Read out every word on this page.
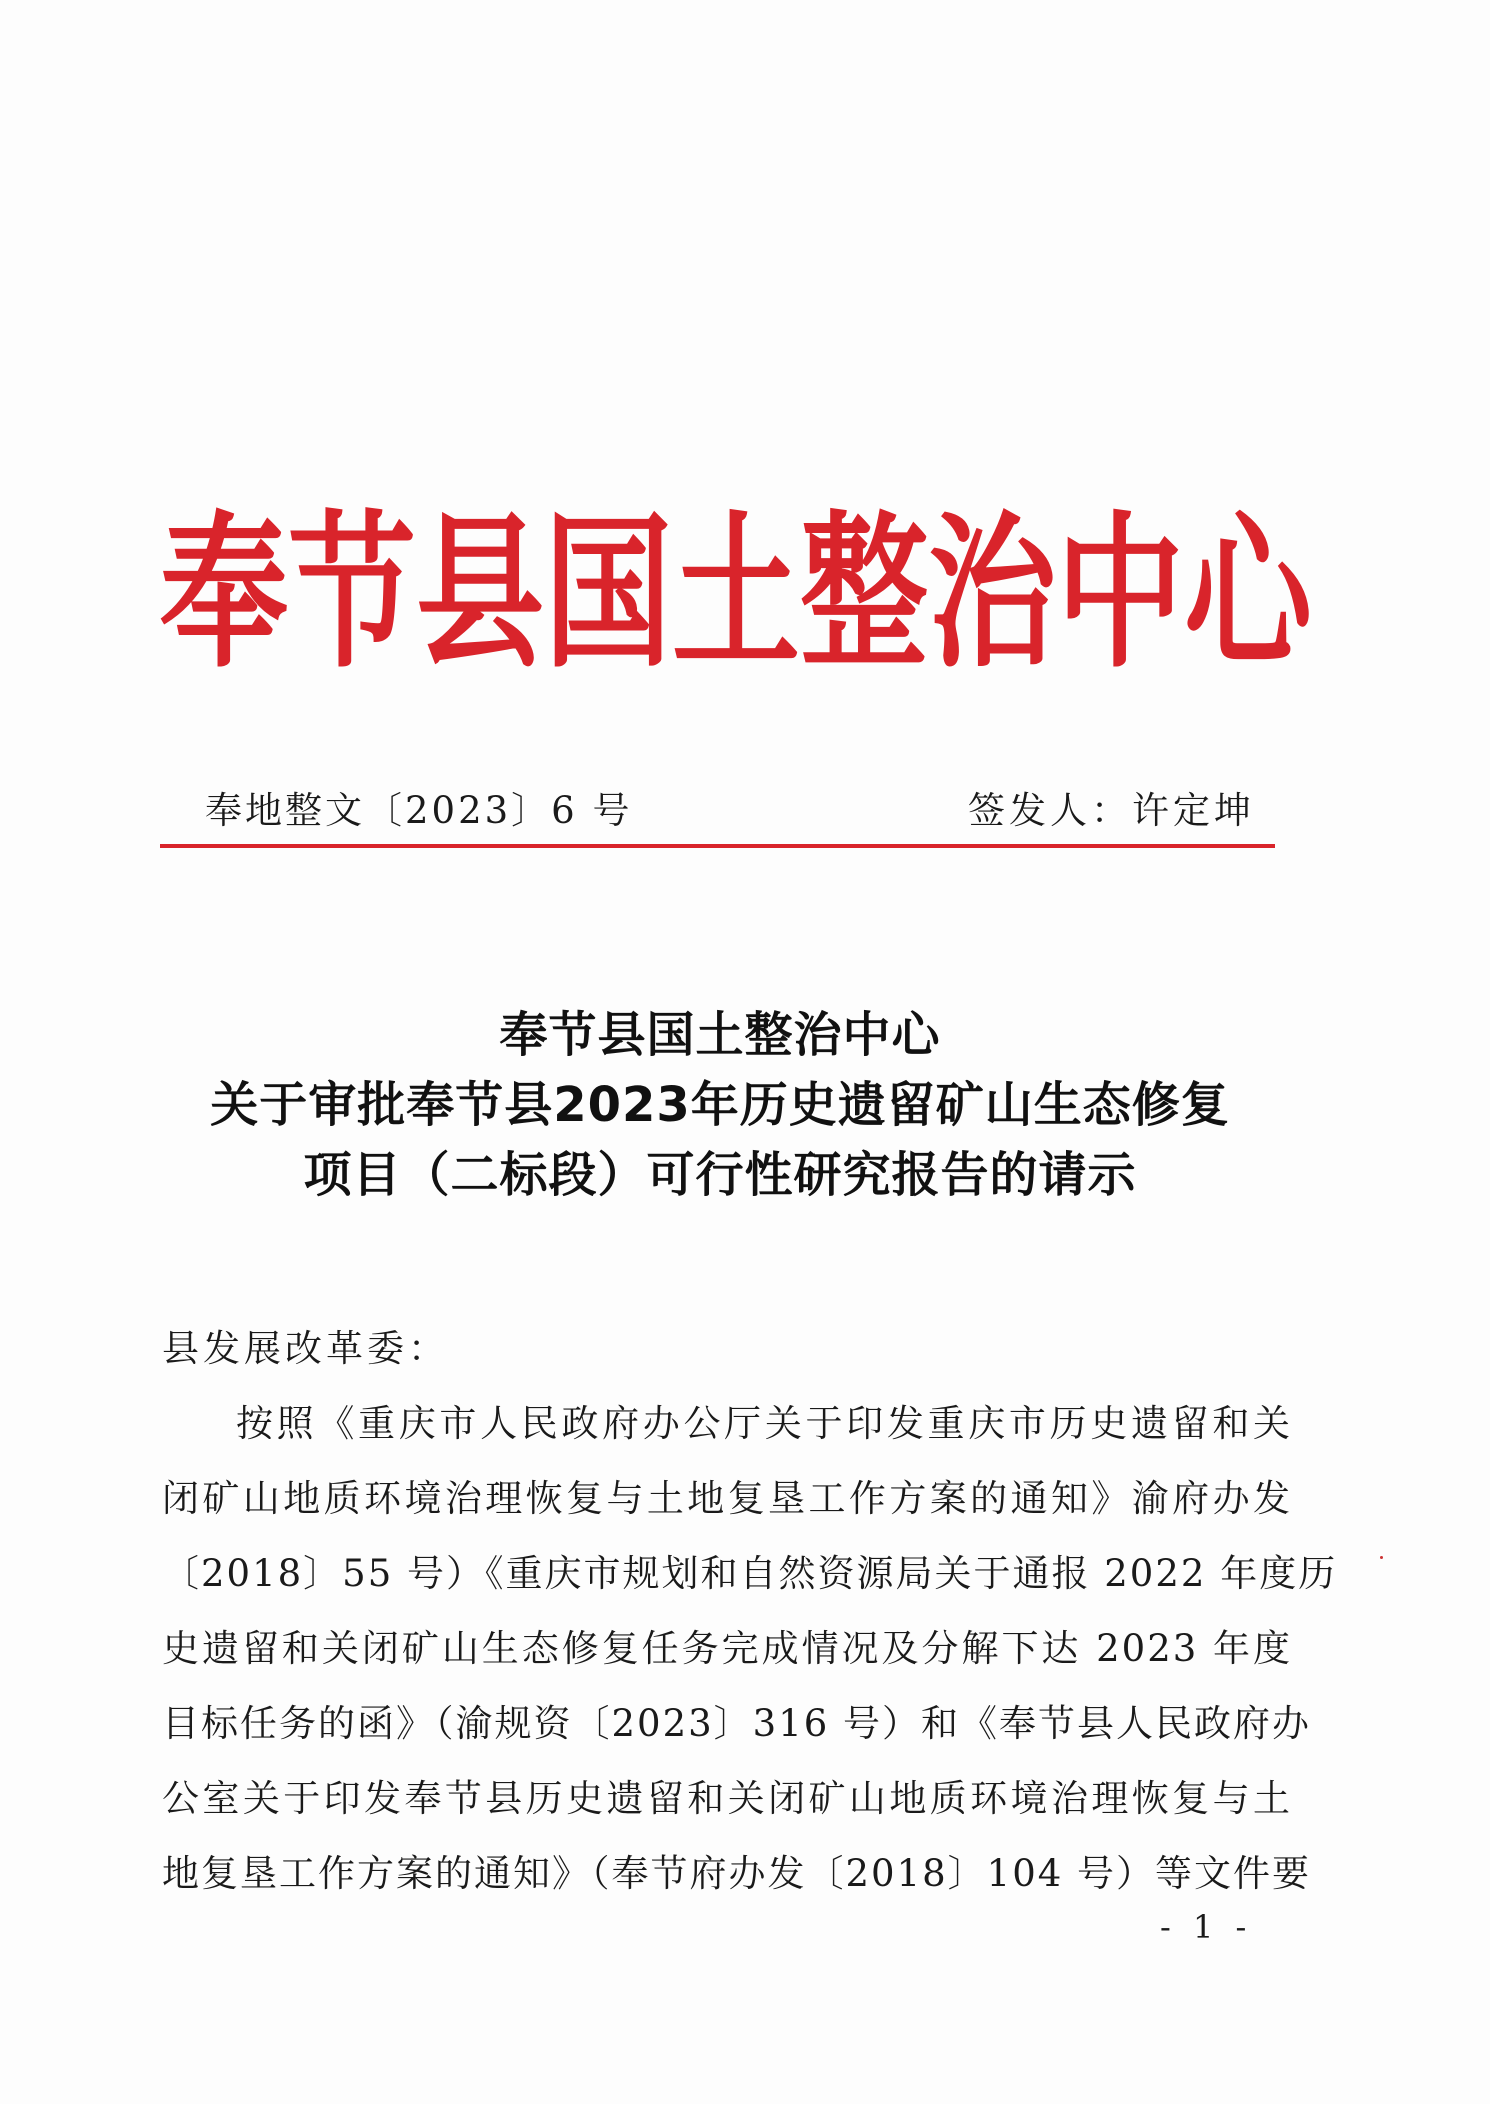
奉 节 县 国 土 整 治 中 心
奉地整文〔2023〕6 号	签发人：许定坤
奉节县国土整治中心
关于审批奉节县2023年历史遗留矿山生态修复
项目（二标段）可行性研究报告的请示
县发展改革委：
按照《重庆市人民政府办公厅关于印发重庆市历史遗留和关
闭矿山地质环境治理恢复与土地复垦工作方案的通知》渝府办发
〔2018〕55 号）《重庆市规划和自然资源局关于通报 2022 年度历
史遗留和关闭矿山生态修复任务完成情况及分解下达 2023 年度
目标任务的函》（渝规资〔2023〕316 号）和《奉节县人民政府办
公室关于印发奉节县历史遗留和关闭矿山地质环境治理恢复与土
地复垦工作方案的通知》（奉节府办发〔2018〕104 号）等文件要
- 1 -
